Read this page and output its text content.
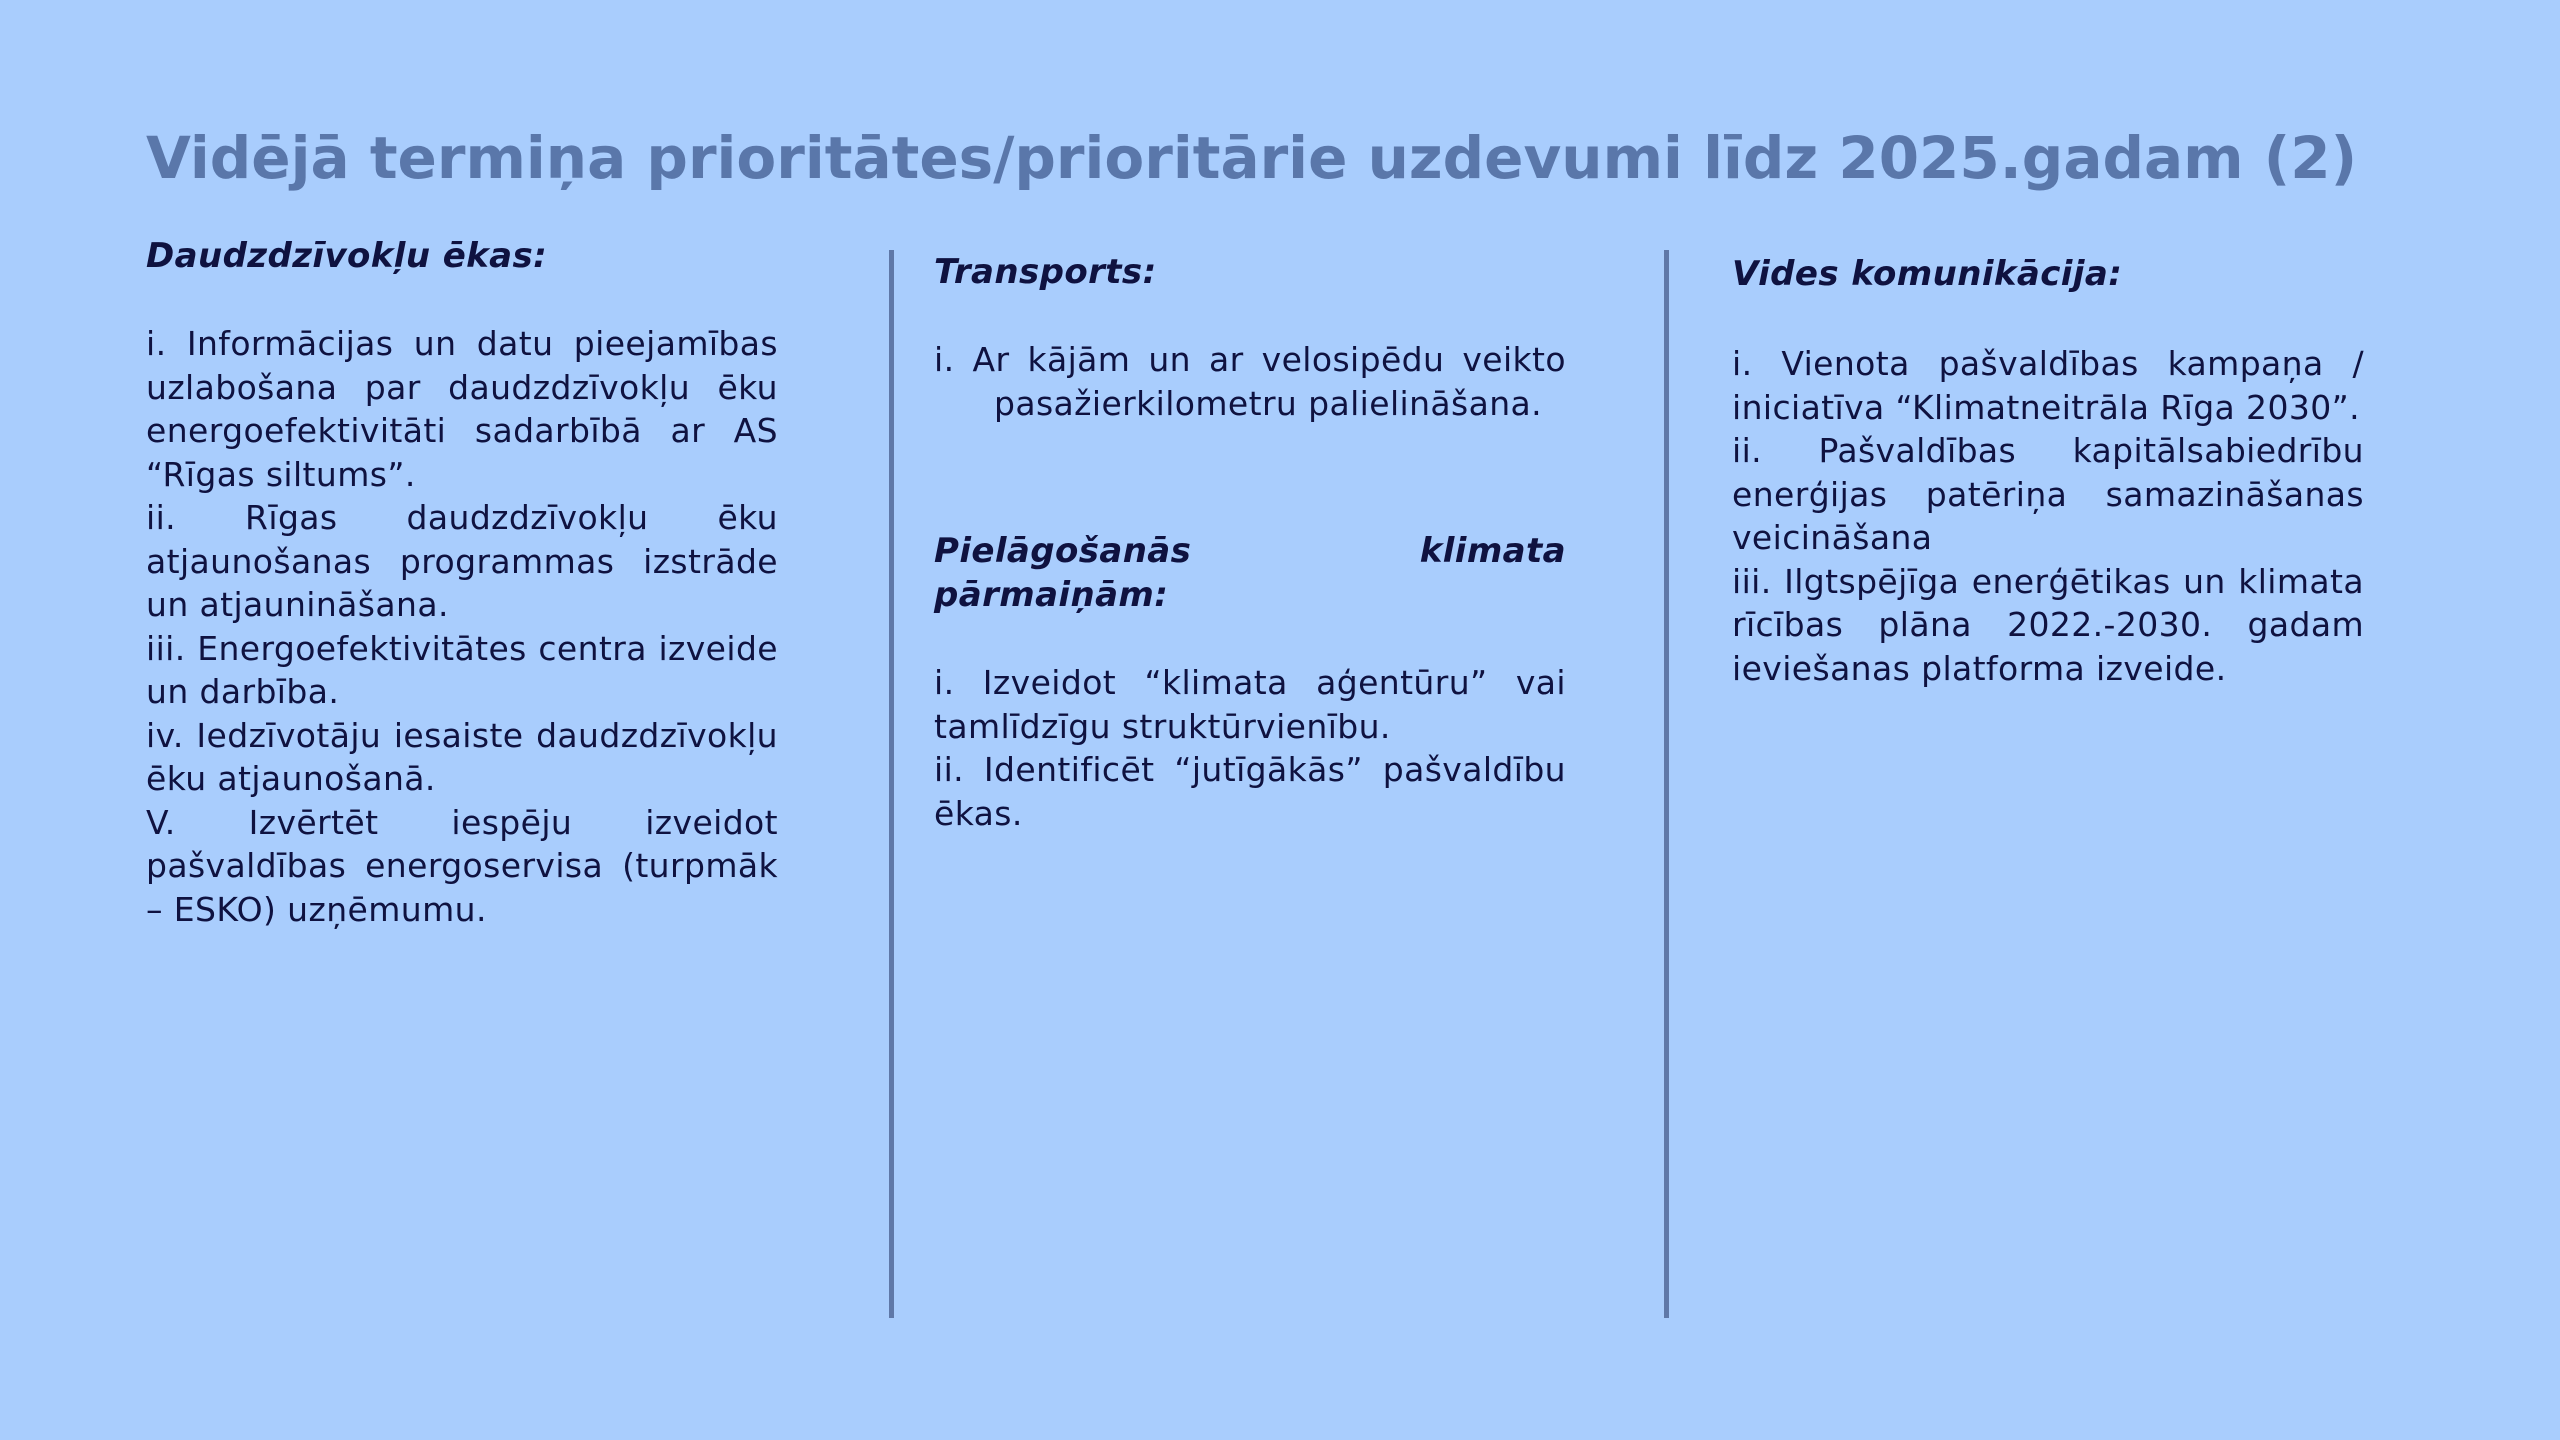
Vidējā termiņa prioritātes/prioritārie uzdevumi līdz 2025.gadam (2)

Daudzdzīvokļu ēkas:

i. Informācijas un datu pieejamības uzlabošana par daudzdzīvokļu ēku energoefektivitāti sadarbībā ar AS “Rīgas siltums”.

ii. Rīgas daudzdzīvokļu ēku atjaunošanas programmas izstrāde un atjaunināšana.

iii. Energoefektivitātes centra izveide un darbība.

iv. Iedzīvotāju iesaiste daudzdzīvokļu ēku atjaunošanā.

V. Izvērtēt iespēju izveidot pašvaldības energoservisa (turpmāk – ESKO) uzņēmumu.

Transports:

i. Ar kājām un ar velosipēdu veikto pasažierkilometru palielināšana.

Pielāgošanās klimata pārmaiņām:

i. Izveidot “klimata aģentūru” vai tamlīdzīgu struktūrvienību.

ii. Identificēt “jutīgākās” pašvaldību ēkas.

Vides komunikācija:

i. Vienota pašvaldības kampaņa / iniciatīva “Klimatneitrāla Rīga 2030”.

ii. Pašvaldības kapitālsabiedrību enerģijas patēriņa samazināšanas veicināšana

iii. Ilgtspējīga enerģētikas un klimata rīcības plāna 2022.-2030. gadam ieviešanas platforma izveide.
